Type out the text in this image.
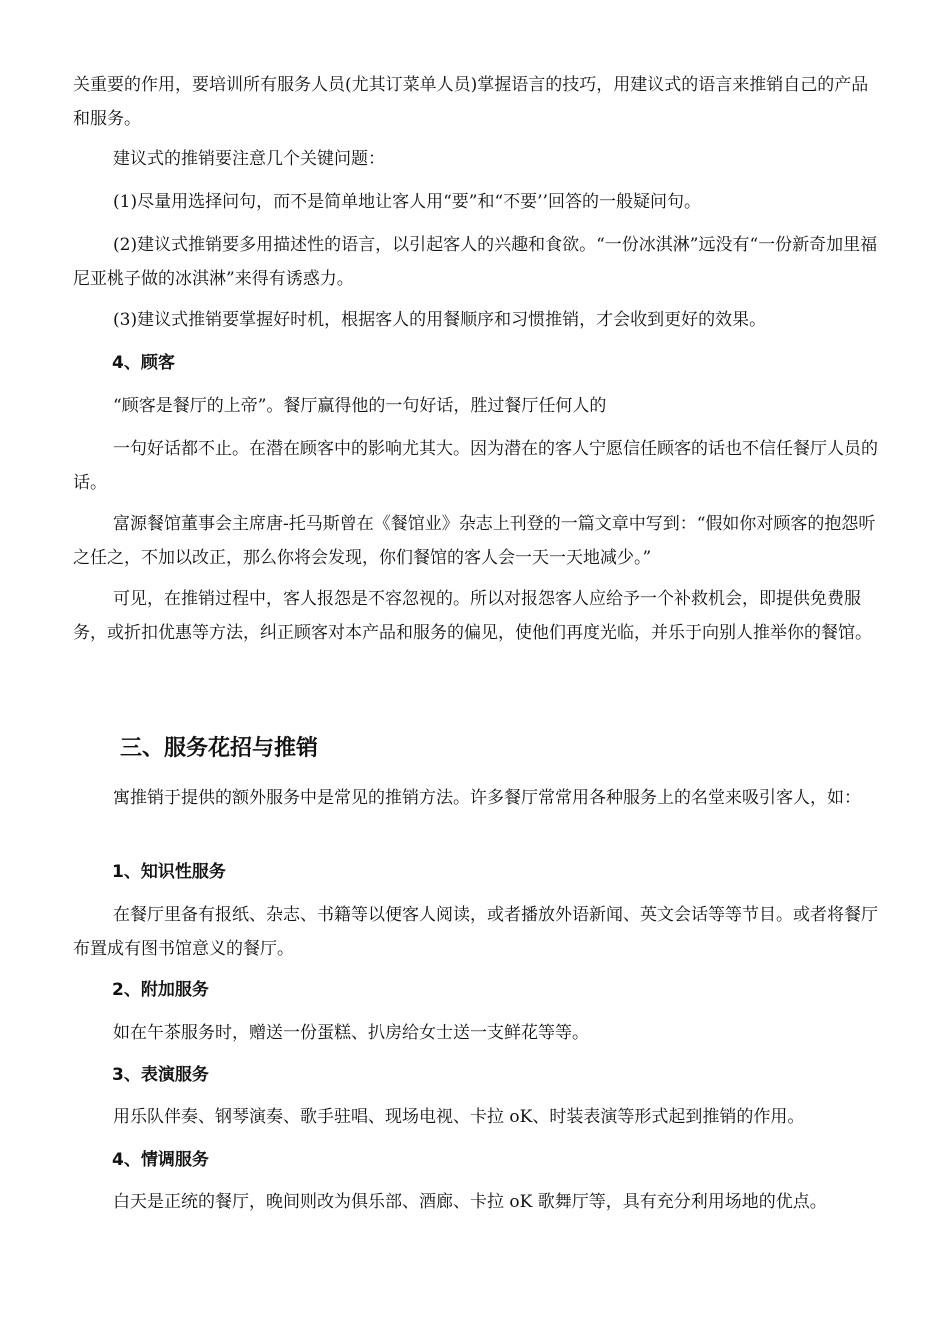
关重要的作用，要培训所有服务人员(尤其订菜单人员)掌握语言的技巧，用建议式的语言来推销自己的产品和服务。

建议式的推销要注意几个关键问题：

(1)尽量用选择问句，而不是简单地让客人用“要”和“不要’’回答的一般疑问句。

(2)建议式推销要多用描述性的语言，以引起客人的兴趣和食欲。“一份冰淇淋”远没有“一份新奇加里福尼亚桃子做的冰淇淋”来得有诱惑力。

(3)建议式推销要掌握好时机，根据客人的用餐顺序和习惯推销，才会收到更好的效果。

4、顾客

“顾客是餐厅的上帝”。餐厅赢得他的一句好话，胜过餐厅任何人的

一句好话都不止。在潜在顾客中的影响尤其大。因为潜在的客人宁愿信任顾客的话也不信任餐厅人员的话。

富源餐馆董事会主席唐-托马斯曾在《餐馆业》杂志上刊登的一篇文章中写到：“假如你对顾客的抱怨听之任之，不加以改正，那么你将会发现，你们餐馆的客人会一天一天地减少。”

可见，在推销过程中，客人报怨是不容忽视的。所以对报怨客人应给予一个补救机会，即提供免费服务，或折扣优惠等方法，纠正顾客对本产品和服务的偏见，使他们再度光临，并乐于向别人推举你的餐馆。

三、服务花招与推销

寓推销于提供的额外服务中是常见的推销方法。许多餐厅常常用各种服务上的名堂来吸引客人，如：

1、知识性服务

在餐厅里备有报纸、杂志、书籍等以便客人阅读，或者播放外语新闻、英文会话等等节目。或者将餐厅布置成有图书馆意义的餐厅。

2、附加服务

如在午茶服务时，赠送一份蛋糕、扒房给女士送一支鲜花等等。

3、表演服务

用乐队伴奏、钢琴演奏、歌手驻唱、现场电视、卡拉 oK、时装表演等形式起到推销的作用。

4、情调服务

白天是正统的餐厅，晚间则改为俱乐部、酒廊、卡拉 oK 歌舞厅等，具有充分利用场地的优点。
